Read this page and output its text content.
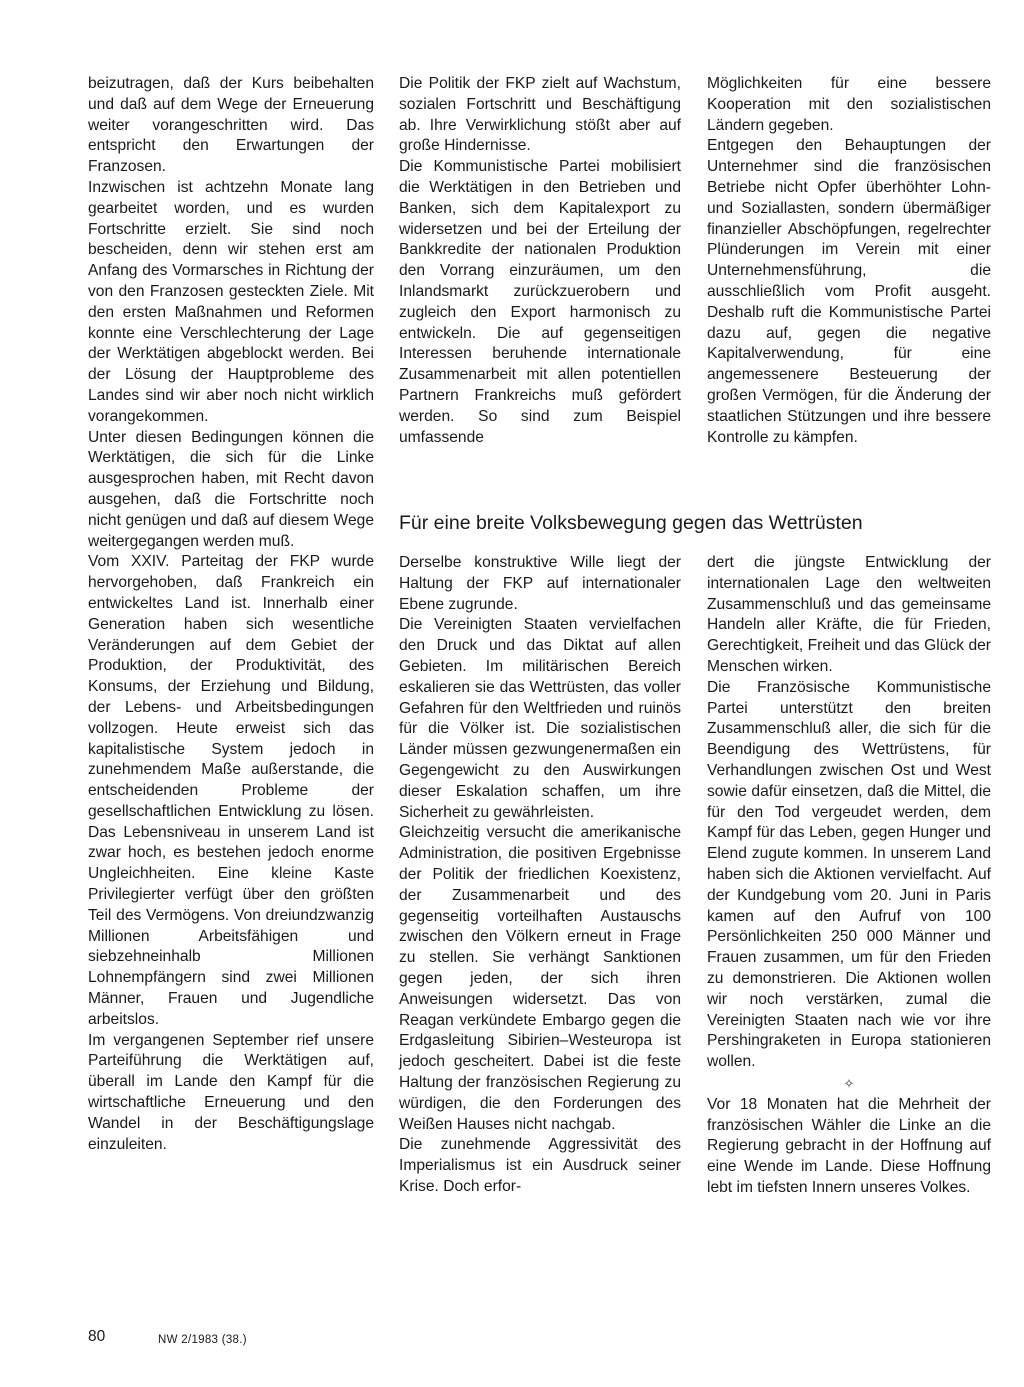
beizutragen, daß der Kurs beibehalten und daß auf dem Wege der Erneuerung weiter vorangeschritten wird. Das entspricht den Erwartungen der Franzosen.

Inzwischen ist achtzehn Monate lang gearbeitet worden, und es wurden Fortschritte erzielt. Sie sind noch bescheiden, denn wir stehen erst am Anfang des Vormarsches in Richtung der von den Franzosen gesteckten Ziele. Mit den ersten Maßnahmen und Reformen konnte eine Verschlechterung der Lage der Werktätigen abgeblockt werden. Bei der Lösung der Hauptprobleme des Landes sind wir aber noch nicht wirklich vorangekommen.

Unter diesen Bedingungen können die Werktätigen, die sich für die Linke ausgesprochen haben, mit Recht davon ausgehen, daß die Fortschritte noch nicht genügen und daß auf diesem Wege weitergegangen werden muß.

Vom XXIV. Parteitag der FKP wurde hervorgehoben, daß Frankreich ein entwickeltes Land ist. Innerhalb einer Generation haben sich wesentliche Veränderungen auf dem Gebiet der Produktion, der Produktivität, des Konsums, der Erziehung und Bildung, der Lebens- und Arbeitsbedingungen vollzogen. Heute erweist sich das kapitalistische System jedoch in zunehmendem Maße außerstande, die entscheidenden Probleme der gesellschaftlichen Entwicklung zu lösen. Das Lebensniveau in unserem Land ist zwar hoch, es bestehen jedoch enorme Ungleichheiten. Eine kleine Kaste Privilegierter verfügt über den größten Teil des Vermögens. Von dreiundzwanzig Millionen Arbeitsfähigen und siebzehneinhalb Millionen Lohnempfängern sind zwei Millionen Männer, Frauen und Jugendliche arbeitslos.

Im vergangenen September rief unsere Parteiführung die Werktätigen auf, überall im Lande den Kampf für die wirtschaftliche Erneuerung und den Wandel in der Beschäftigungslage einzuleiten.

Die Politik der FKP zielt auf Wachstum, sozialen Fortschritt und Beschäftigung ab. Ihre Verwirklichung stößt aber auf große Hindernisse.

Die Kommunistische Partei mobilisiert die Werktätigen in den Betrieben und Banken, sich dem Kapitalexport zu widersetzen und bei der Erteilung der Bankkredite der nationalen Produktion den Vorrang einzuräumen, um den Inlandsmarkt zurückzuerobern und zugleich den Export harmonisch zu entwickeln. Die auf gegenseitigen Interessen beruhende internationale Zusammenarbeit mit allen potentiellen Partnern Frankreichs muß gefördert werden. So sind zum Beispiel umfassende

Möglichkeiten für eine bessere Kooperation mit den sozialistischen Ländern gegeben.

Entgegen den Behauptungen der Unternehmer sind die französischen Betriebe nicht Opfer überhöhter Lohn- und Soziallasten, sondern übermäßiger finanzieller Abschöpfungen, regelrechter Plünderungen im Verein mit einer Unternehmensführung, die ausschließlich vom Profit ausgeht. Deshalb ruft die Kommunistische Partei dazu auf, gegen die negative Kapitalverwendung, für eine angemessenere Besteuerung der großen Vermögen, für die Änderung der staatlichen Stützungen und ihre bessere Kontrolle zu kämpfen.

Für eine breite Volksbewegung gegen das Wettrüsten

Derselbe konstruktive Wille liegt der Haltung der FKP auf internationaler Ebene zugrunde.

Die Vereinigten Staaten vervielfachen den Druck und das Diktat auf allen Gebieten. Im militärischen Bereich eskalieren sie das Wettrüsten, das voller Gefahren für den Weltfrieden und ruinös für die Völker ist. Die sozialistischen Länder müssen gezwungenermaßen ein Gegengewicht zu den Auswirkungen dieser Eskalation schaffen, um ihre Sicherheit zu gewährleisten.

Gleichzeitig versucht die amerikanische Administration, die positiven Ergebnisse der Politik der friedlichen Koexistenz, der Zusammenarbeit und des gegenseitig vorteilhaften Austauschs zwischen den Völkern erneut in Frage zu stellen. Sie verhängt Sanktionen gegen jeden, der sich ihren Anweisungen widersetzt. Das von Reagan verkündete Embargo gegen die Erdgasleitung Sibirien–Westeuropa ist jedoch gescheitert. Dabei ist die feste Haltung der französischen Regierung zu würdigen, die den Forderungen des Weißen Hauses nicht nachgab.

Die zunehmende Aggressivität des Imperialismus ist ein Ausdruck seiner Krise. Doch erfor-

dert die jüngste Entwicklung der internationalen Lage den weltweiten Zusammenschluß und das gemeinsame Handeln aller Kräfte, die für Frieden, Gerechtigkeit, Freiheit und das Glück der Menschen wirken.

Die Französische Kommunistische Partei unterstützt den breiten Zusammenschluß aller, die sich für die Beendigung des Wettrüstens, für Verhandlungen zwischen Ost und West sowie dafür einsetzen, daß die Mittel, die für den Tod vergeudet werden, dem Kampf für das Leben, gegen Hunger und Elend zugute kommen. In unserem Land haben sich die Aktionen vervielfacht. Auf der Kundgebung vom 20. Juni in Paris kamen auf den Aufruf von 100 Persönlichkeiten 250 000 Männer und Frauen zusammen, um für den Frieden zu demonstrieren. Die Aktionen wollen wir noch verstärken, zumal die Vereinigten Staaten nach wie vor ihre Pershingraketen in Europa stationieren wollen.

✧

Vor 18 Monaten hat die Mehrheit der französischen Wähler die Linke an die Regierung gebracht in der Hoffnung auf eine Wende im Lande. Diese Hoffnung lebt im tiefsten Innern unseres Volkes.

80	NW 2/1983 (38.)
